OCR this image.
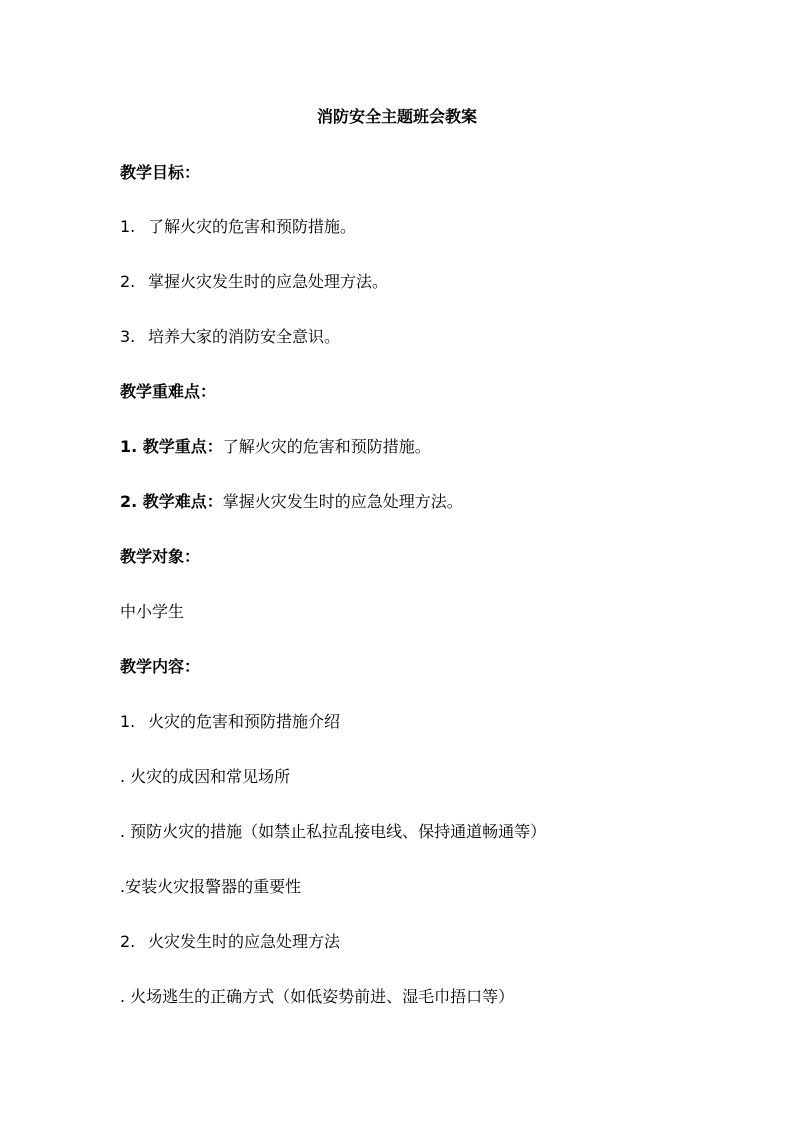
消防安全主题班会教案
教学目标：
1. 了解火灾的危害和预防措施。
2. 掌握火灾发生时的应急处理方法。
3. 培养大家的消防安全意识。
教学重难点：
1. 教学重点：了解火灾的危害和预防措施。
2. 教学难点：掌握火灾发生时的应急处理方法。
教学对象：
中小学生
教学内容：
1. 火灾的危害和预防措施介绍
. 火灾的成因和常见场所
. 预防火灾的措施（如禁止私拉乱接电线、保持通道畅通等）
.安装火灾报警器的重要性
2. 火灾发生时的应急处理方法
. 火场逃生的正确方式（如低姿势前进、湿毛巾捂口等）
